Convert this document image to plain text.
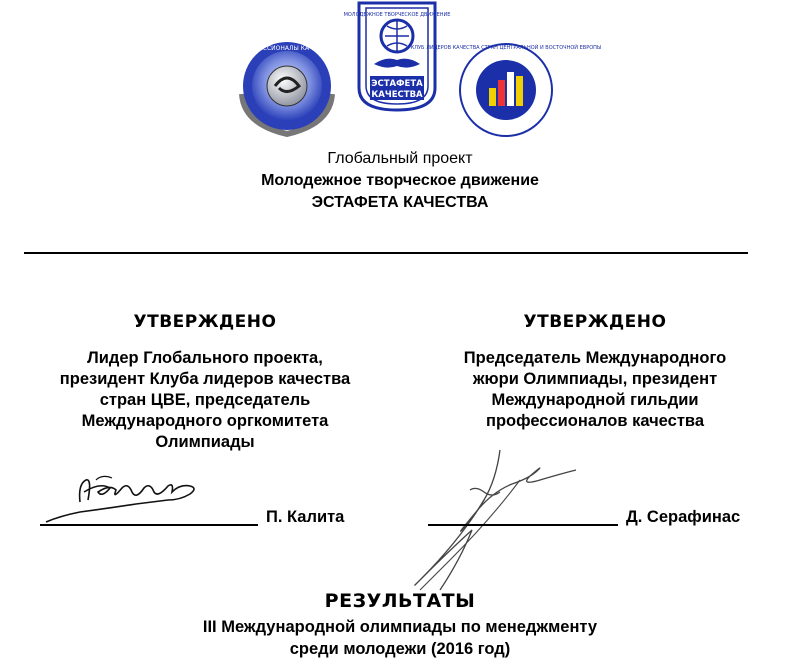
ПРОФЕССИОНАЛЫ КАЧЕСТВА
ЭСТАФЕТА
КАЧЕСТВА
МОЛОДЕЖНОЕ ТВОРЧЕСКОЕ ДВИЖЕНИЕ
КЛУБ ЛИДЕРОВ КАЧЕСТВА СТРАН ЦЕНТРАЛЬНОЙ И ВОСТОЧНОЙ ЕВРОПЫ
Глобальный проект
Молодежное творческое движение
ЭСТАФЕТА КАЧЕСТВА
УТВЕРЖДЕНО
Лидер Глобального проекта,
президент Клуба лидеров качества
стран ЦВЕ, председатель
Международного оргкомитета
Олимпиады
П. Калита
УТВЕРЖДЕНО
Председатель Международного
жюри Олимпиады, президент
Международной гильдии
профессионалов качества
Д. Серафинас
РЕЗУЛЬТАТЫ
III Международной олимпиады по менеджменту
среди молодежи (2016 год)
